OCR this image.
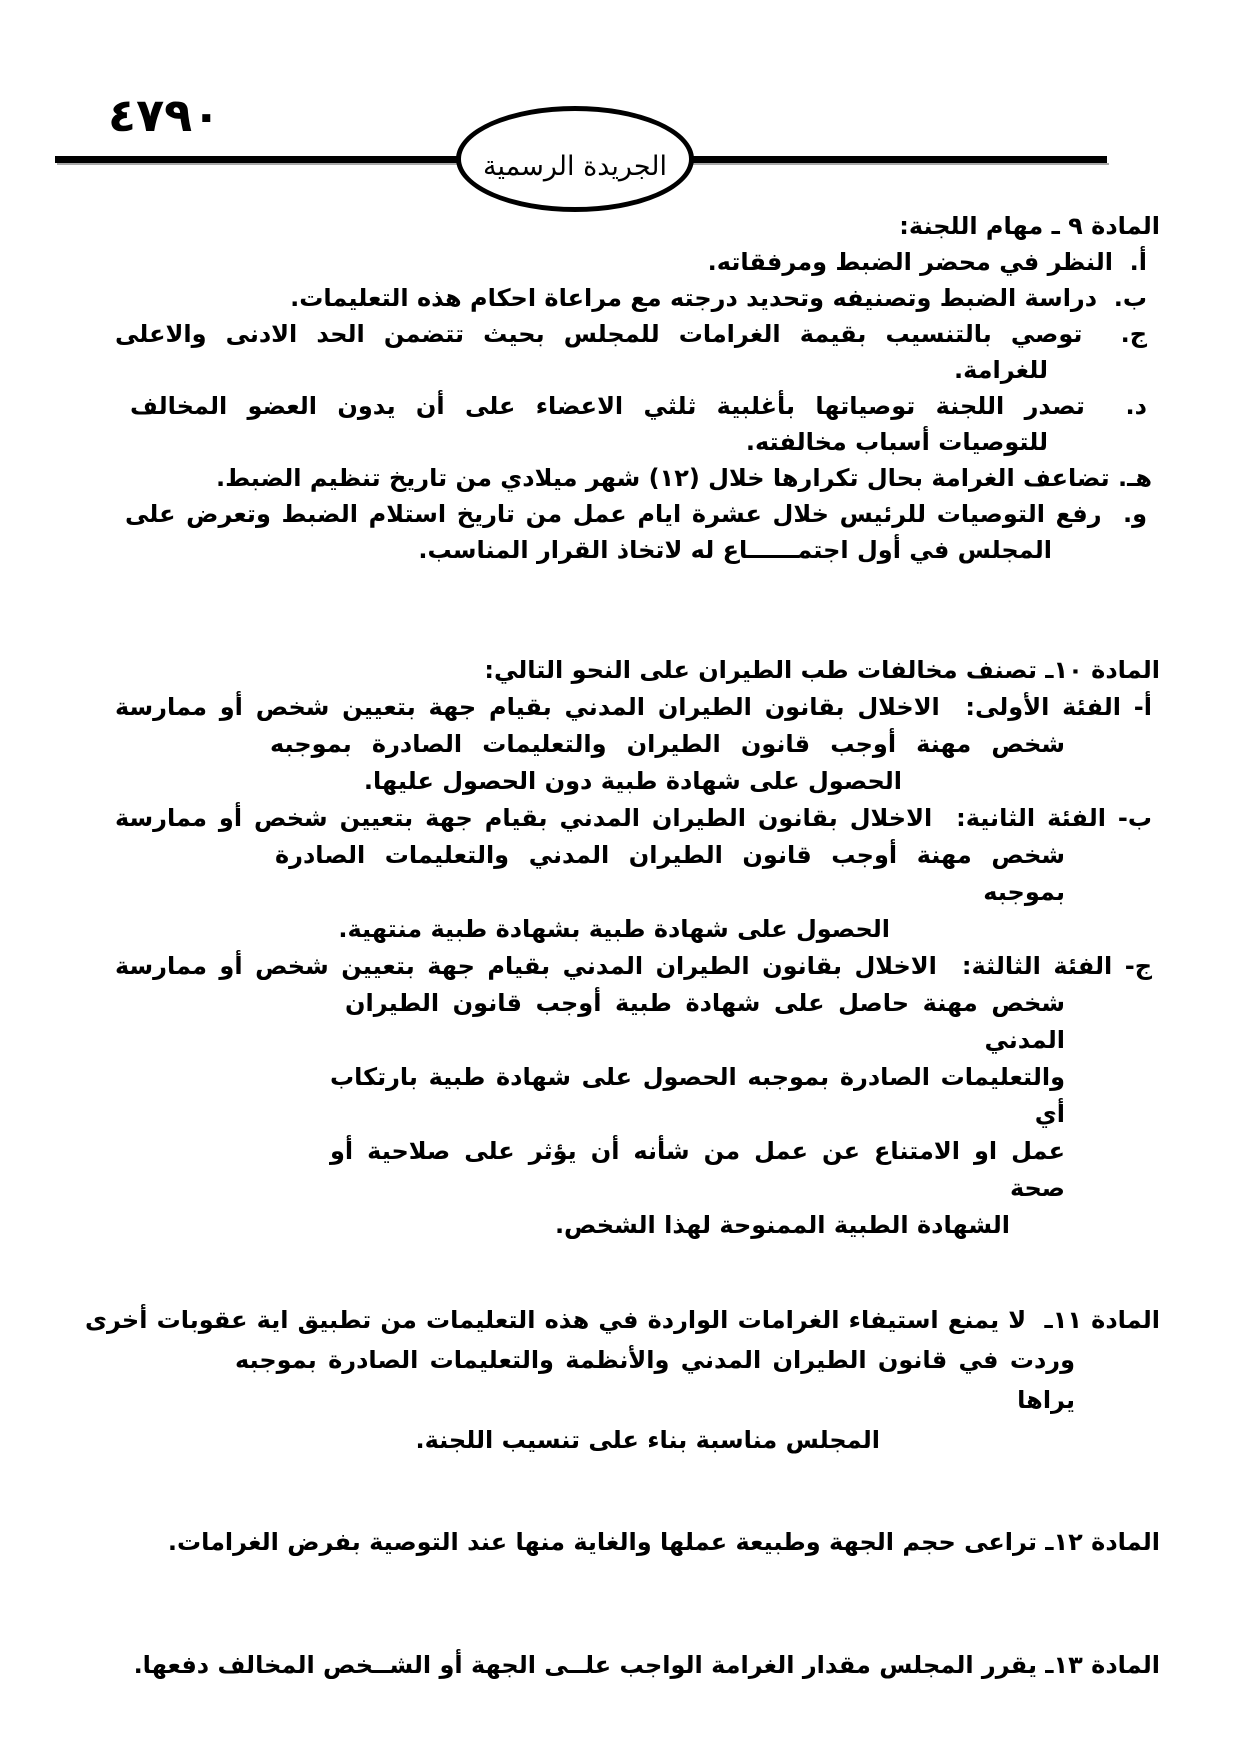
٤٧٩٠
الجريدة الرسمية
المادة ٩ ـ مهام اللجنة:
أ.  النظر في محضر الضبط ومرفقاته.
ب.  دراسة الضبط وتصنيفه وتحديد درجته مع مراعاة احكام هذه التعليمات.
ج.  توصي بالتنسيب بقيمة الغرامات للمجلس بحيث تتضمن الحد الادنى والاعلى
للغرامة.
د.  تصدر اللجنة توصياتها بأغلبية ثلثي الاعضاء على أن يدون العضو المخالف
للتوصيات أسباب مخالفته.
هـ. تضاعف الغرامة بحال تكرارها خلال (١٢) شهر ميلادي من تاريخ تنظيم الضبط.
و.  رفع التوصيات للرئيس خلال عشرة ايام عمل من تاريخ استلام الضبط وتعرض على
المجلس في أول اجتمــــــاع له لاتخاذ القرار المناسب.
المادة ١٠ـ تصنف مخالفات طب الطيران على النحو التالي:
أ- الفئة الأولى:  الاخلال بقانون الطيران المدني بقيام جهة بتعيين شخص أو ممارسة
شخص مهنة أوجب قانون الطيران والتعليمات الصادرة بموجبه
الحصول على شهادة طبية دون الحصول عليها.
ب- الفئة الثانية:  الاخلال بقانون الطيران المدني بقيام جهة بتعيين شخص أو ممارسة
شخص مهنة أوجب قانون الطيران المدني والتعليمات الصادرة بموجبه
الحصول على شهادة طبية بشهادة طبية منتهية.
ج- الفئة الثالثة:  الاخلال بقانون الطيران المدني بقيام جهة بتعيين شخص أو ممارسة
شخص مهنة حاصل على شهادة طبية أوجب قانون الطيران المدني
والتعليمات الصادرة بموجبه الحصول على شهادة طبية بارتكاب أي
عمل او الامتناع عن عمل من شأنه أن يؤثر على صلاحية أو صحة
الشهادة الطبية الممنوحة لهذا الشخص.
المادة ١١ـ  لا يمنع استيفاء الغرامات الواردة في هذه التعليمات من تطبيق اية عقوبات أخرى
وردت في قانون الطيران المدني والأنظمة والتعليمات الصادرة بموجبه يراها
المجلس مناسبة بناء على تنسيب اللجنة.
المادة ١٢ـ تراعى حجم الجهة وطبيعة عملها والغاية منها عند التوصية بفرض الغرامات.
المادة ١٣ـ يقرر المجلس مقدار الغرامة الواجب علــى الجهة أو الشــخص المخالف دفعها.
